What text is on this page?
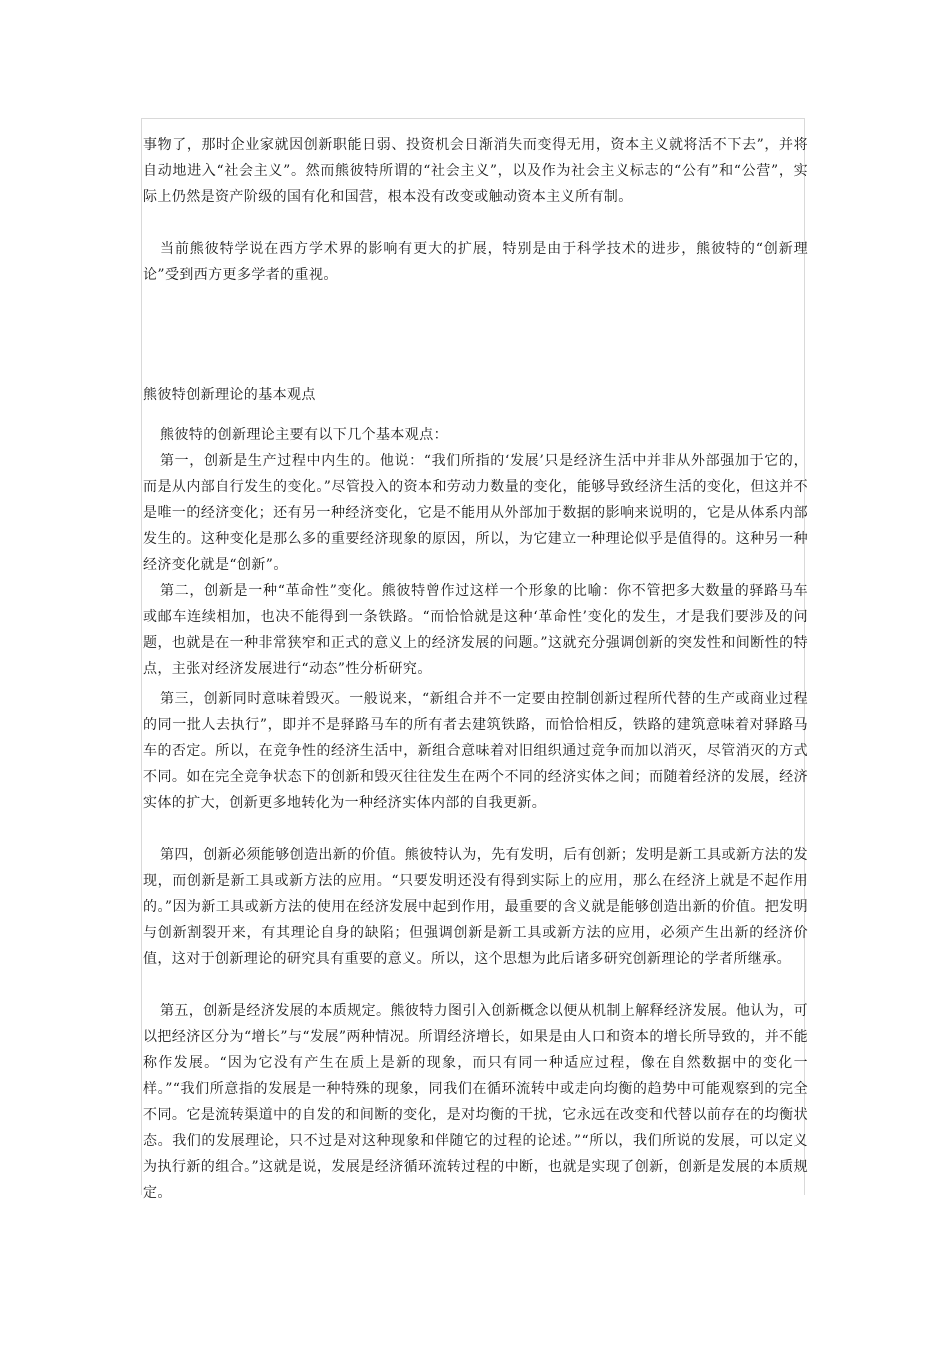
事物了，那时企业家就因创新职能日弱、投资机会日渐消失而变得无用，资本主义就将活不下去”，并将自动地进入“社会主义”。然而熊彼特所谓的“社会主义”，以及作为社会主义标志的“公有”和“公营”，实际上仍然是资产阶级的国有化和国营，根本没有改变或触动资本主义所有制。

当前熊彼特学说在西方学术界的影响有更大的扩展，特别是由于科学技术的进步，熊彼特的“创新理论”受到西方更多学者的重视。

熊彼特创新理论的基本观点

熊彼特的创新理论主要有以下几个基本观点：

第一，创新是生产过程中内生的。他说：“我们所指的‘发展’只是经济生活中并非从外部强加于它的，而是从内部自行发生的变化。”尽管投入的资本和劳动力数量的变化，能够导致经济生活的变化，但这并不是唯一的经济变化；还有另一种经济变化，它是不能用从外部加于数据的影响来说明的，它是从体系内部发生的。这种变化是那么多的重要经济现象的原因，所以，为它建立一种理论似乎是值得的。这种另一种经济变化就是“创新”。

第二，创新是一种“革命性”变化。熊彼特曾作过这样一个形象的比喻：你不管把多大数量的驿路马车或邮车连续相加，也决不能得到一条铁路。“而恰恰就是这种‘革命性’变化的发生，才是我们要涉及的问题，也就是在一种非常狭窄和正式的意义上的经济发展的问题。”这就充分强调创新的突发性和间断性的特点，主张对经济发展进行“动态”性分析研究。

第三，创新同时意味着毁灭。一般说来，“新组合并不一定要由控制创新过程所代替的生产或商业过程的同一批人去执行”，即并不是驿路马车的所有者去建筑铁路，而恰恰相反，铁路的建筑意味着对驿路马车的否定。所以，在竞争性的经济生活中，新组合意味着对旧组织通过竞争而加以消灭，尽管消灭的方式不同。如在完全竞争状态下的创新和毁灭往往发生在两个不同的经济实体之间；而随着经济的发展，经济实体的扩大，创新更多地转化为一种经济实体内部的自我更新。

第四，创新必须能够创造出新的价值。熊彼特认为，先有发明，后有创新；发明是新工具或新方法的发现，而创新是新工具或新方法的应用。“只要发明还没有得到实际上的应用，那么在经济上就是不起作用的。”因为新工具或新方法的使用在经济发展中起到作用，最重要的含义就是能够创造出新的价值。把发明与创新割裂开来，有其理论自身的缺陷；但强调创新是新工具或新方法的应用，必须产生出新的经济价值，这对于创新理论的研究具有重要的意义。所以，这个思想为此后诸多研究创新理论的学者所继承。

第五，创新是经济发展的本质规定。熊彼特力图引入创新概念以便从机制上解释经济发展。他认为，可以把经济区分为“增长”与“发展”两种情况。所谓经济增长，如果是由人口和资本的增长所导致的，并不能称作发展。“因为它没有产生在质上是新的现象，而只有同一种适应过程，像在自然数据中的变化一样。”“我们所意指的发展是一种特殊的现象，同我们在循环流转中或走向均衡的趋势中可能观察到的完全不同。它是流转渠道中的自发的和间断的变化，是对均衡的干扰，它永远在改变和代替以前存在的均衡状态。我们的发展理论，只不过是对这种现象和伴随它的过程的论述。”“所以，我们所说的发展，可以定义为执行新的组合。”这就是说，发展是经济循环流转过程的中断，也就是实现了创新，创新是发展的本质规定。
